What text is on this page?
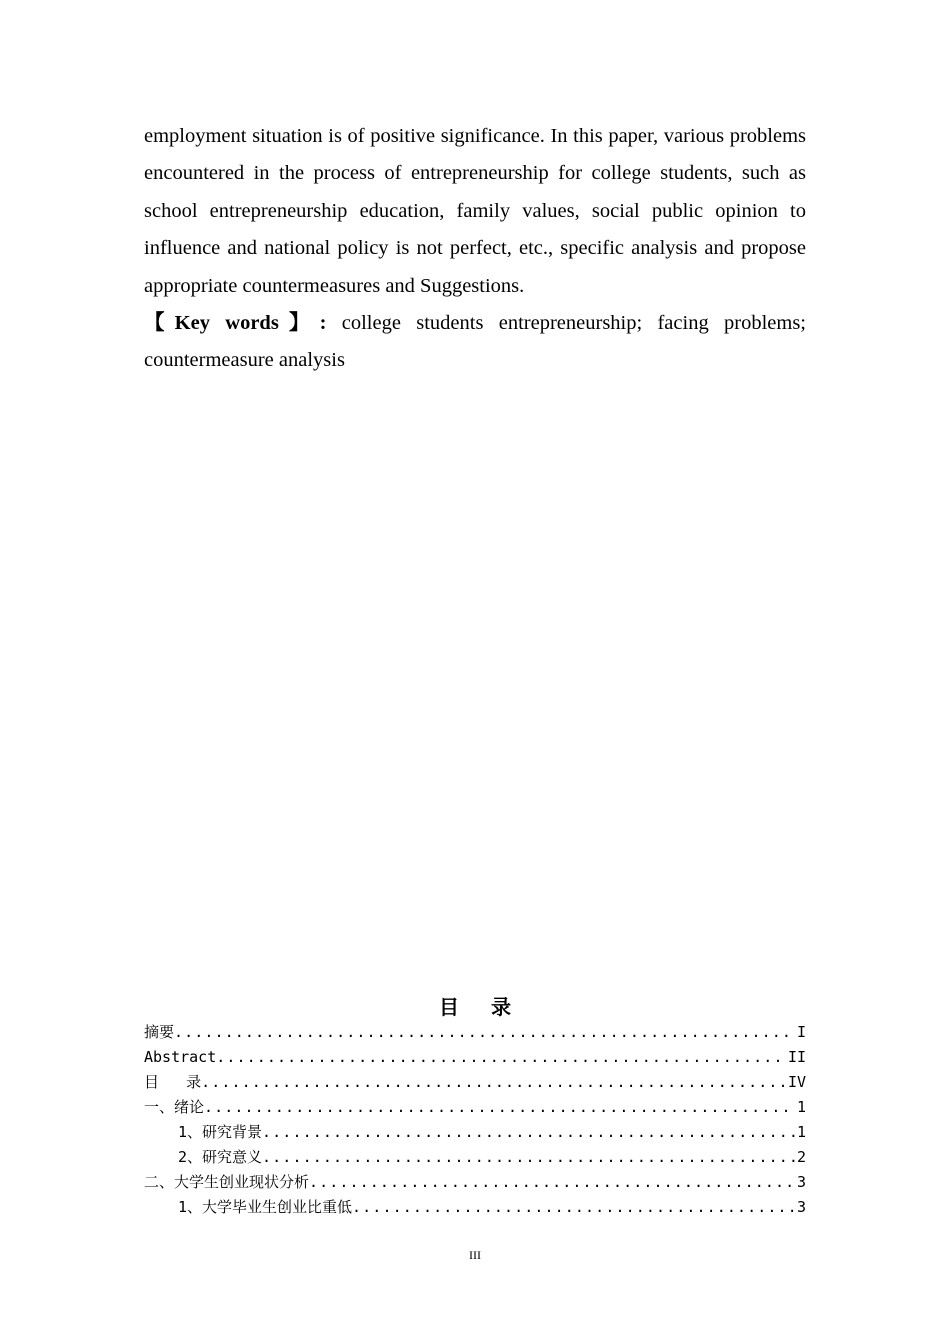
employment situation is of positive significance. In this paper, various problems encountered in the process of entrepreneurship for college students, such as school entrepreneurship education, family values, social public opinion to influence and national policy is not perfect, etc., specific analysis and propose appropriate countermeasures and Suggestions.

【Key words】: college students entrepreneurship; facing problems; countermeasure analysis

目 录
摘要 .....	I
Abstract .....	II
目   录 .....	IV
一、绪论 .....	1
1、研究背景 .....	1
2、研究意义 .....	2
二、大学生创业现状分析 .....	3
1、大学毕业生创业比重低 .....	3
III
